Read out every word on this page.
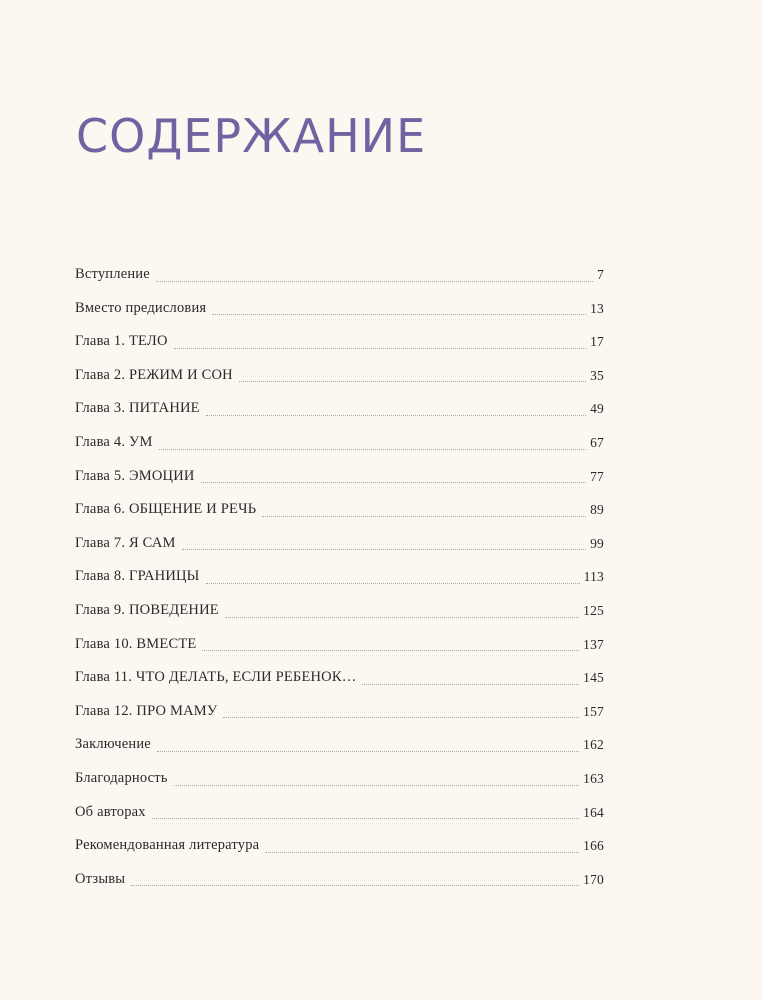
СОДЕРЖАНИЕ
Вступление	7
Вместо предисловия	13
Глава 1. ТЕЛО	17
Глава 2. РЕЖИМ И СОН	35
Глава 3. ПИТАНИЕ	49
Глава 4. УМ	67
Глава 5. ЭМОЦИИ	77
Глава 6. ОБЩЕНИЕ И РЕЧЬ	89
Глава 7. Я САМ	99
Глава 8. ГРАНИЦЫ	113
Глава 9. ПОВЕДЕНИЕ	125
Глава 10. ВМЕСТЕ	137
Глава 11. ЧТО ДЕЛАТЬ, ЕСЛИ РЕБЕНОК…	145
Глава 12. ПРО МАМУ	157
Заключение	162
Благодарность	163
Об авторах	164
Рекомендованная литература	166
Отзывы	170
